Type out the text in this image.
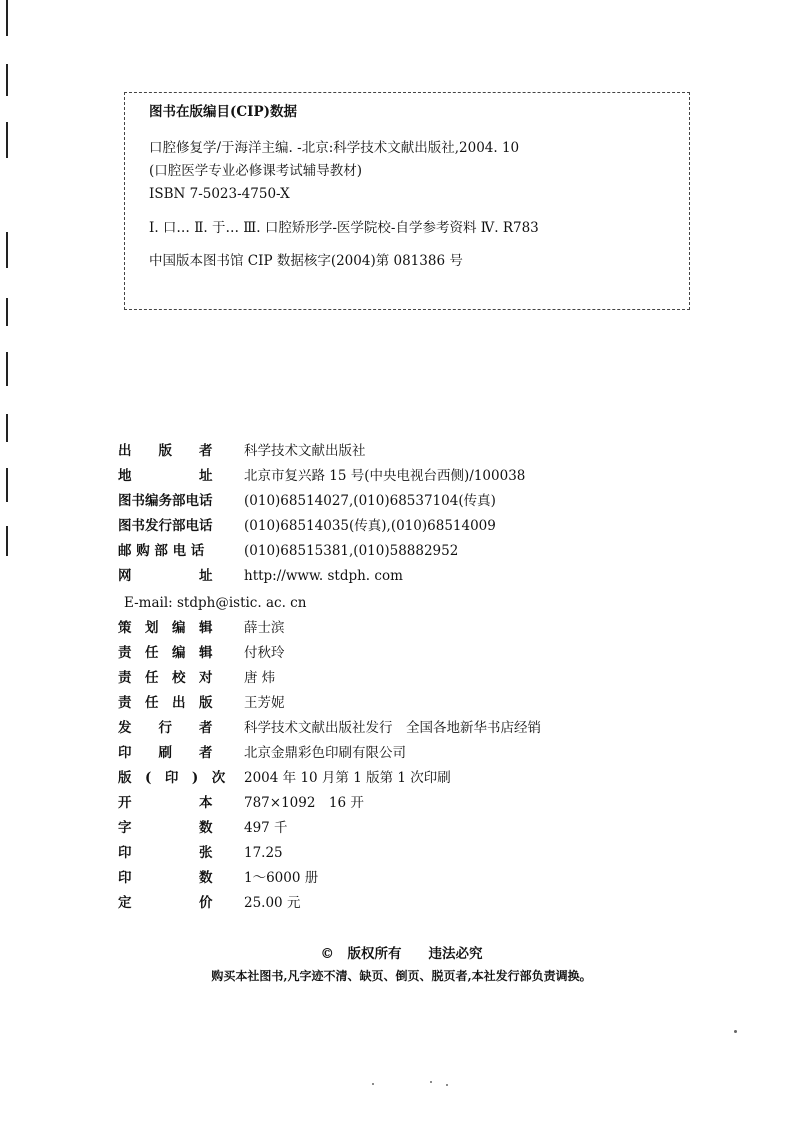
图书在版编目(CIP)数据
口腔修复学/于海洋主编. -北京:科学技术文献出版社,2004. 10
(口腔医学专业必修课考试辅导教材)
ISBN 7-5023-4750-X
Ⅰ. 口… Ⅱ. 于… Ⅲ. 口腔矫形学-医学院校-自学参考资料 Ⅳ. R783
中国版本图书馆 CIP 数据核字(2004)第 081386 号
出　　版　　者	科学技术文献出版社
地　　　　　址	北京市复兴路 15 号(中央电视台西侧)/100038
图书编务部电话	(010)68514027,(010)68537104(传真)
图书发行部电话	(010)68514035(传真),(010)68514009
邮 购 部 电 话	(010)68515381,(010)58882952
网　　　　　址	http://www. stdph. com
E-mail: stdph@istic. ac. cn
策　划　编　辑	薛士滨
责　任　编　辑	付秋玲
责　任　校　对	唐 炜
责　任　出　版	王芳妮
发　　行　　者	科学技术文献出版社发行　全国各地新华书店经销
印　　刷　　者	北京金鼎彩色印刷有限公司
版　(　印　)　次	2004 年 10 月第 1 版第 1 次印刷
开　　　　　本	787×1092　16 开
字　　　　　数	497 千
印　　　　　张	17.25
印　　　　　数	1～6000 册
定　　　　　价	25.00 元
©　版权所有　　违法必究
购买本社图书,凡字迹不清、缺页、倒页、脱页者,本社发行部负责调换。
